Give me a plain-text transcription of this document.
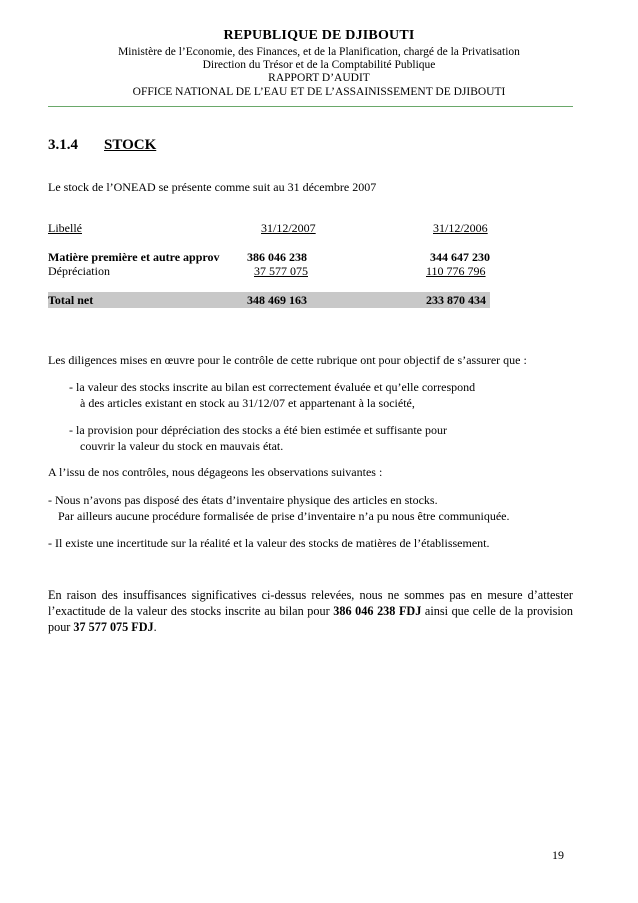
REPUBLIQUE DE DJIBOUTI
Ministère de l’Economie, des Finances, et de la Planification, chargé de la Privatisation
Direction du Trésor et de la Comptabilité Publique
RAPPORT D’AUDIT
OFFICE NATIONAL DE L’EAU ET DE L’ASSAINISSEMENT DE DJIBOUTI
3.1.4 STOCK
Le stock de l’ONEAD se présente comme suit au 31 décembre 2007
Libellé	31/12/2007	31/12/2006
Matière première et autre approv 386 046 238	344 647 230
Dépréciation	37 577 075	110 776 796
Total net	348 469 163	233 870 434
Les diligences mises en œuvre pour le contrôle de cette rubrique ont pour objectif de s’assurer que :
- la valeur des stocks inscrite au bilan est correctement évaluée et qu’elle correspond
à des articles existant en stock au 31/12/07 et appartenant à la société,
- la provision pour dépréciation des stocks a été bien estimée et suffisante pour
couvrir la valeur du stock en mauvais état.
A l’issu de nos contrôles, nous dégageons les observations suivantes :
- Nous n’avons pas disposé des états d’inventaire physique des articles en stocks.
Par ailleurs aucune procédure formalisée de prise d’inventaire n’a pu nous être communiquée.
- Il existe une incertitude sur la réalité et la valeur des stocks de matières de l’établissement.
En raison des insuffisances significatives ci-dessus relevées, nous ne sommes pas en mesure d’attester l’exactitude de la valeur des stocks inscrite au bilan pour 386 046 238 FDJ ainsi que celle de la provision pour 37 577 075 FDJ.
19
